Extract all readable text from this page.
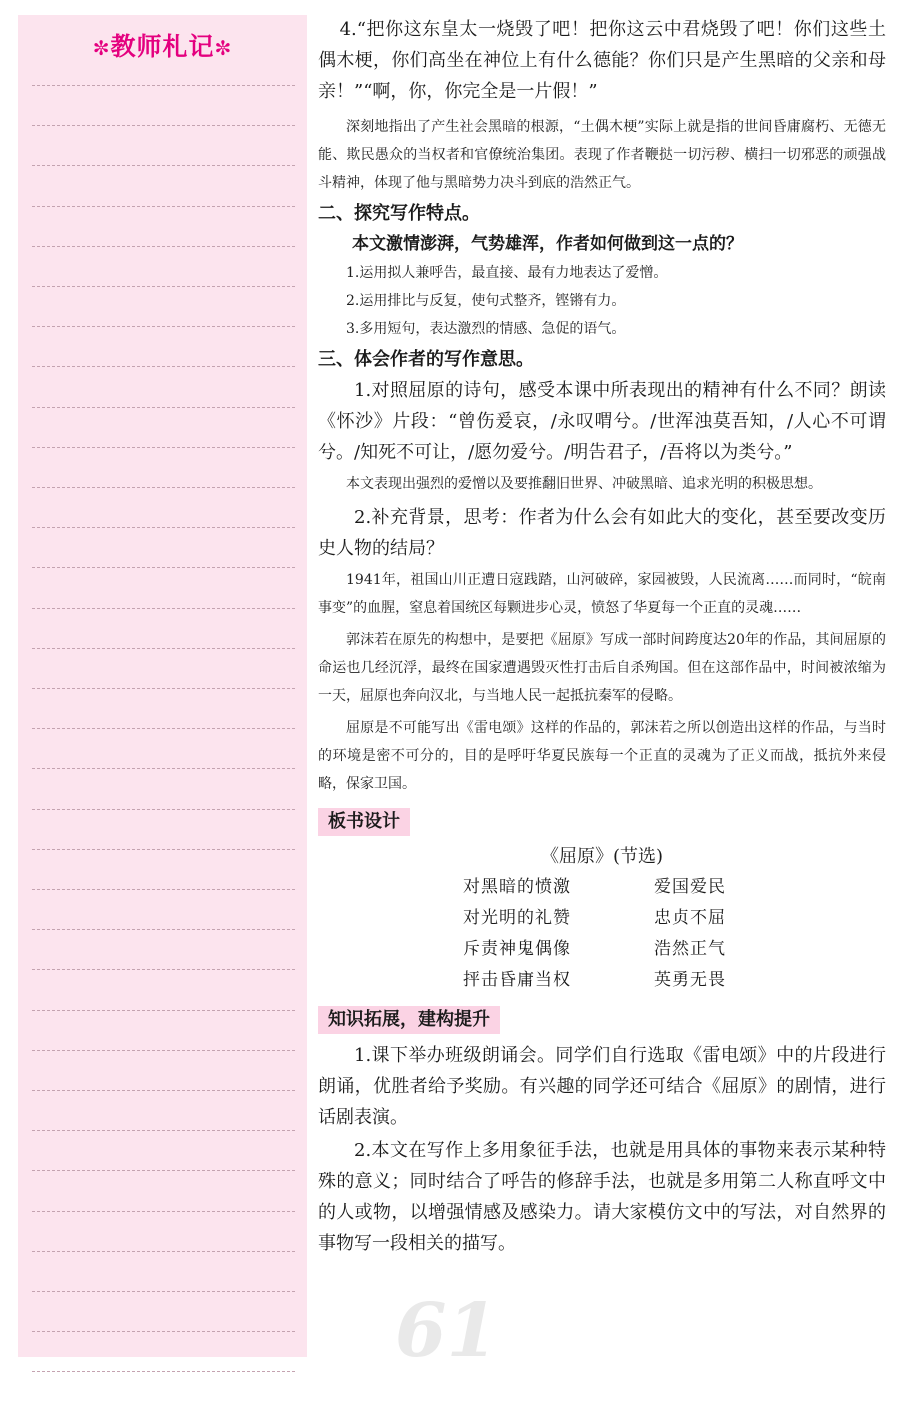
✼教师札记✼

4.“把你这东皇太一烧毁了吧！把你这云中君烧毁了吧！你们这些土偶木梗，你们高坐在神位上有什么德能？你们只是产生黑暗的父亲和母亲！”“啊，你，你完全是一片假！”

深刻地指出了产生社会黑暗的根源，“土偶木梗”实际上就是指的世间昏庸腐朽、无德无能、欺民愚众的当权者和官僚统治集团。表现了作者鞭挞一切污秽、横扫一切邪恶的顽强战斗精神，体现了他与黑暗势力决斗到底的浩然正气。

二、探究写作特点。

本文激情澎湃，气势雄浑，作者如何做到这一点的？

1.运用拟人兼呼告，最直接、最有力地表达了爱憎。

2.运用排比与反复，使句式整齐，铿锵有力。

3.多用短句，表达激烈的情感、急促的语气。

三、体会作者的写作意思。

1.对照屈原的诗句，感受本课中所表现出的精神有什么不同？朗读《怀沙》片段：“曾伤爰哀，/永叹喟兮。/世浑浊莫吾知，/人心不可谓兮。/知死不可让，/愿勿爱兮。/明告君子，/吾将以为类兮。”

本文表现出强烈的爱憎以及要推翻旧世界、冲破黑暗、追求光明的积极思想。

2.补充背景，思考：作者为什么会有如此大的变化，甚至要改变历史人物的结局？

1941年，祖国山川正遭日寇践踏，山河破碎，家园被毁，人民流离……而同时，“皖南事变”的血腥，窒息着国统区每颗进步心灵，愤怒了华夏每一个正直的灵魂……

郭沫若在原先的构想中，是要把《屈原》写成一部时间跨度达20年的作品，其间屈原的命运也几经沉浮，最终在国家遭遇毁灭性打击后自杀殉国。但在这部作品中，时间被浓缩为一天，屈原也奔向汉北，与当地人民一起抵抗秦军的侵略。

屈原是不可能写出《雷电颂》这样的作品的，郭沫若之所以创造出这样的作品，与当时的环境是密不可分的，目的是呼吁华夏民族每一个正直的灵魂为了正义而战，抵抗外来侵略，保家卫国。

板书设计
《屈原》(节选)
对黑暗的愤激	爱国爱民
对光明的礼赞	忠贞不屈
斥责神鬼偶像	浩然正气
抨击昏庸当权	英勇无畏
知识拓展，建构提升

1.课下举办班级朗诵会。同学们自行选取《雷电颂》中的片段进行朗诵，优胜者给予奖励。有兴趣的同学还可结合《屈原》的剧情，进行话剧表演。

2.本文在写作上多用象征手法，也就是用具体的事物来表示某种特殊的意义；同时结合了呼告的修辞手法，也就是多用第二人称直呼文中的人或物，以增强情感及感染力。请大家模仿文中的写法，对自然界的事物写一段相关的描写。

61
